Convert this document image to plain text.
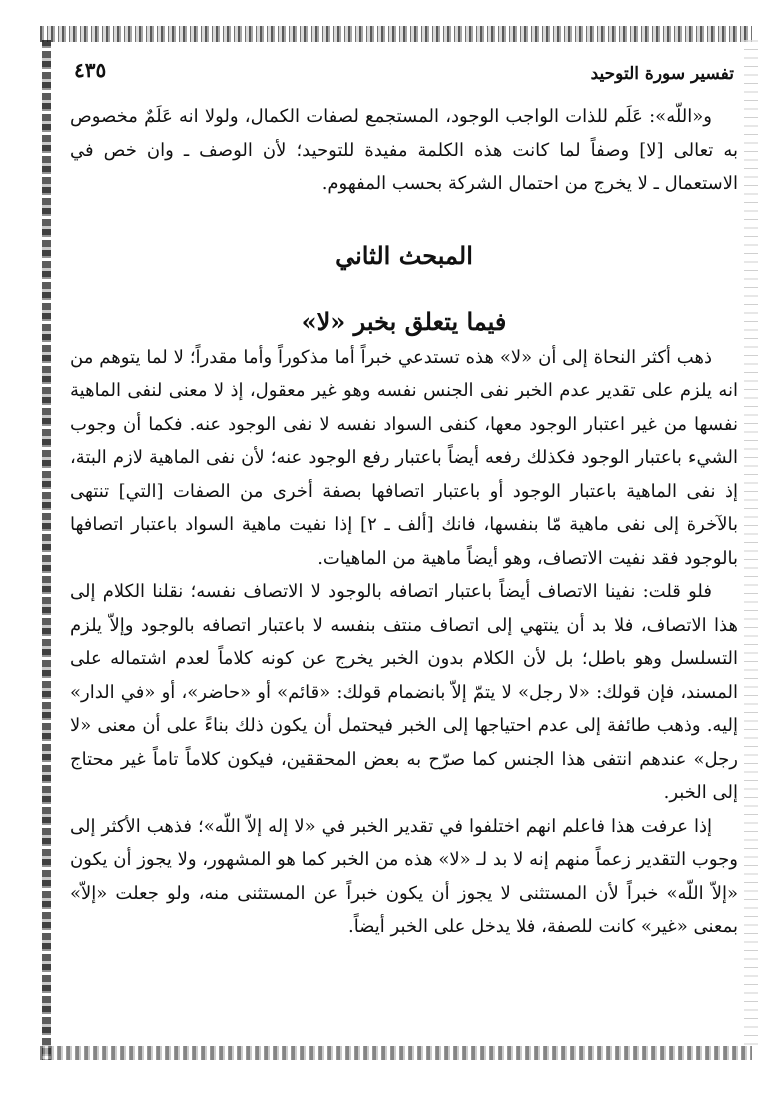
تفسير سورة التوحيد
٤٣٥

و«اللّه»: عَلَم للذات الواجب الوجود، المستجمع لصفات الكمال، ولولا انه عَلَمٌ مخصوص به تعالى [لا] وصفاً لما كانت هذه الكلمة مفيدة للتوحيد؛ لأن الوصف ـ وان خص في الاستعمال ـ لا يخرج من احتمال الشركة بحسب المفهوم.

المبحث الثاني

فيما يتعلق بخبر «لا»

ذهب أكثر النحاة إلى أن «لا» هذه تستدعي خبراً أما مذكوراً وأما مقدراً؛ لا لما يتوهم من انه يلزم على تقدير عدم الخبر نفى الجنس نفسه وهو غير معقول، إذ لا معنى لنفى الماهية نفسها من غير اعتبار الوجود معها، كنفى السواد نفسه لا نفى الوجود عنه. فكما أن وجوب الشيء باعتبار الوجود فكذلك رفعه أيضاً باعتبار رفع الوجود عنه؛ لأن نفى الماهية لازم البتة، إذ نفى الماهية باعتبار الوجود أو باعتبار اتصافها بصفة أخرى من الصفات [التي] تنتهى بالآخرة إلى نفى ماهية مّا بنفسها، فانك [ألف ـ ٢] إذا نفيت ماهية السواد باعتبار اتصافها بالوجود فقد نفيت الاتصاف، وهو أيضاً ماهية من الماهيات.

فلو قلت: نفينا الاتصاف أيضاً باعتبار اتصافه بالوجود لا الاتصاف نفسه؛ نقلنا الكلام إلى هذا الاتصاف، فلا بد أن ينتهي إلى اتصاف منتف بنفسه لا باعتبار اتصافه بالوجود وإلاّ يلزم التسلسل وهو باطل؛ بل لأن الكلام بدون الخبر يخرج عن كونه كلاماً لعدم اشتماله على المسند، فإن قولك: «لا رجل» لا يتمّ إلاّ بانضمام قولك: «قائم» أو «حاضر»، أو «في الدار» إليه. وذهب طائفة إلى عدم احتياجها إلى الخبر فيحتمل أن يكون ذلك بناءً على أن معنى «لا رجل» عندهم انتفى هذا الجنس كما صرّح به بعض المحققين، فيكون كلاماً تاماً غير محتاج إلى الخبر.

إذا عرفت هذا فاعلم انهم اختلفوا في تقدير الخبر في «لا إله إلاّ اللّه»؛ فذهب الأكثر إلى وجوب التقدير زعماً منهم إنه لا بد لـ «لا» هذه من الخبر كما هو المشهور، ولا يجوز أن يكون «إلاّ اللّه» خبراً لأن المستثنى لا يجوز أن يكون خبراً عن المستثنى منه، ولو جعلت «إلاّ» بمعنى «غير» كانت للصفة، فلا يدخل على الخبر أيضاً.
